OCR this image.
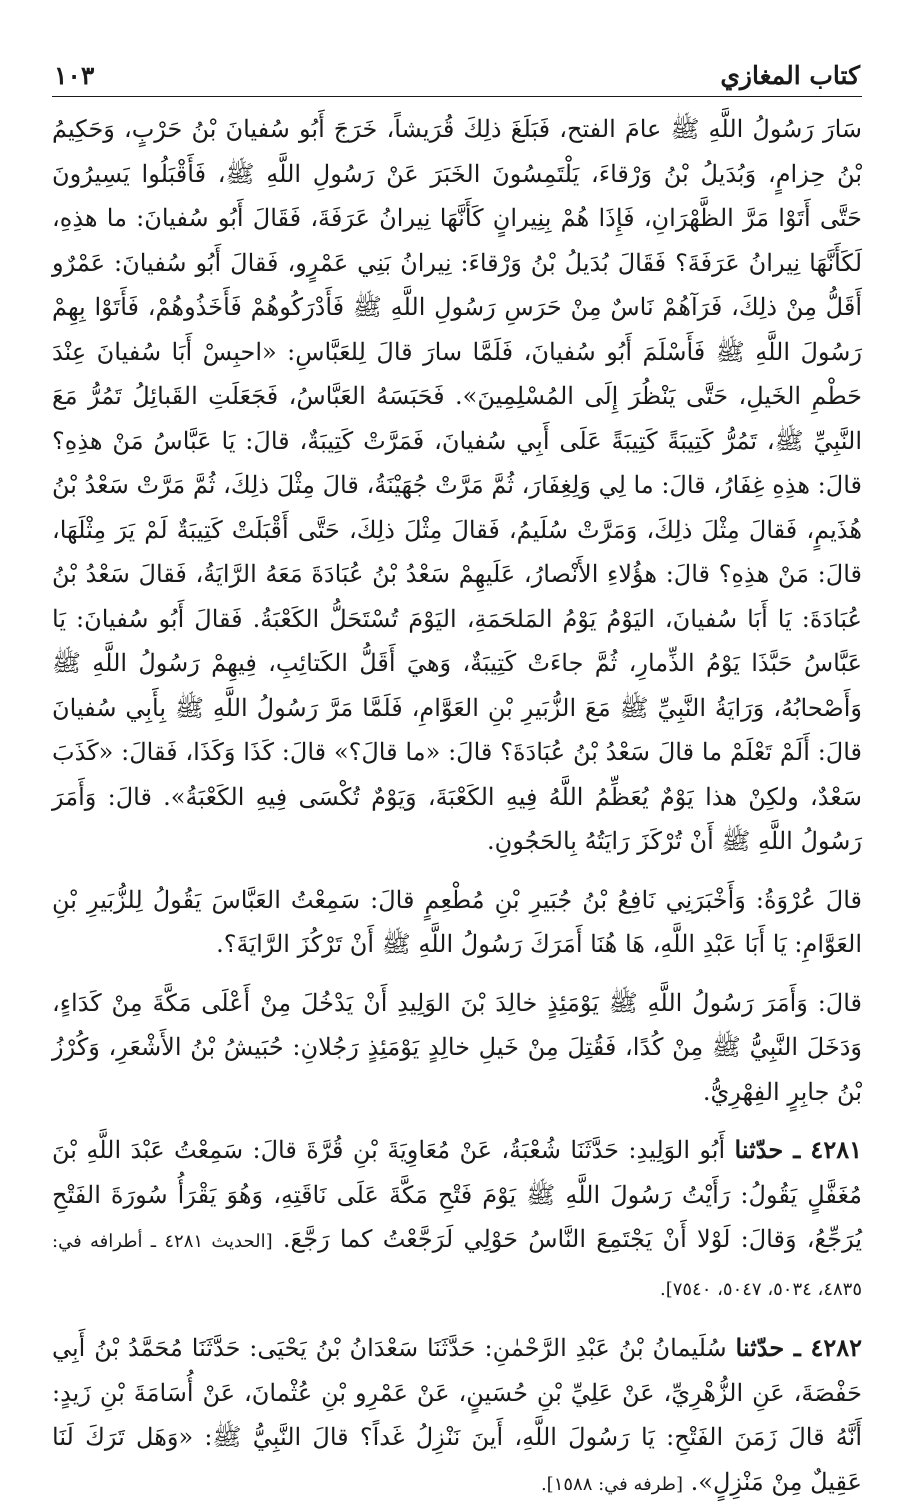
كتاب المغازي
١٠٣

سَارَ رَسُولُ اللَّهِ ﷺ عامَ الفتح، فَبَلَغَ ذلِكَ قُرَيشاً، خَرَجَ أَبُو سُفيانَ بْنُ حَرْبٍ، وَحَكِيمُ بْنُ حِزامٍ، وَبُدَيلُ بْنُ وَرْقاءَ، يَلْتَمِسُونَ الخَبَرَ عَنْ رَسُولِ اللَّهِ ﷺ، فَأَقْبَلُوا يَسِيرُونَ حَتَّى أَتَوْا مَرَّ الظَّهْرَانِ، فَإِذَا هُمْ بِنِيرانٍ كَأَنَّهَا نِيرانُ عَرَفَةَ، فَقَالَ أَبُو سُفيانَ: ما هذِهِ، لَكَأَنَّهَا نِيرانُ عَرَفَةَ؟ فَقَالَ بُدَيلُ بْنُ وَرْقاءَ: نِيرانُ بَنِي عَمْرٍو، فَقالَ أَبُو سُفيانَ: عَمْرٌو أَقَلُّ مِنْ ذلِكَ، فَرَآهُمْ نَاسٌ مِنْ حَرَسِ رَسُولِ اللَّهِ ﷺ فَأَدْرَكُوهُمْ فَأَخَذُوهُمْ، فَأَتَوْا بِهِمْ رَسُولَ اللَّهِ ﷺ فَأَسْلَمَ أَبُو سُفيانَ، فَلَمَّا سارَ قالَ لِلعَبَّاسِ: «احبِسْ أَبَا سُفيانَ عِنْدَ حَطْمِ الخَيلِ، حَتَّى يَنْظُرَ إِلَى المُسْلِمِينَ». فَحَبَسَهُ العَبَّاسُ، فَجَعَلَتِ القَبائِلُ تَمُرُّ مَعَ النَّبِيِّ ﷺ، تَمُرُّ كَتِيبَةً كَتِيبَةً عَلَى أَبِي سُفيانَ، فَمَرَّتْ كَتِيبَةٌ، قالَ: يَا عَبَّاسُ مَنْ هذِهِ؟ قالَ: هذِهِ غِفَارُ، قالَ: ما لِي وَلِغِفَارَ، ثُمَّ مَرَّتْ جُهَيْنَةُ، قالَ مِثْلَ ذلِكَ، ثُمَّ مَرَّتْ سَعْدُ بْنُ هُذَيمٍ، فَقالَ مِثْلَ ذلِكَ، وَمَرَّتْ سُلَيمُ، فَقالَ مِثْلَ ذلِكَ، حَتَّى أَقْبَلَتْ كَتِيبَةٌ لَمْ يَرَ مِثْلَهَا، قالَ: مَنْ هذِهِ؟ قالَ: هؤُلاءِ الأَنْصارُ، عَلَيهِمْ سَعْدُ بْنُ عُبَادَةَ مَعَهُ الرَّايَةُ، فَقالَ سَعْدُ بْنُ عُبَادَةَ: يَا أَبَا سُفيانَ، اليَوْمُ يَوْمُ المَلحَمَةِ، اليَوْمَ تُسْتَحَلُّ الكَعْبَةُ. فَقالَ أَبُو سُفيانَ: يَا عَبَّاسُ حَبَّذَا يَوْمُ الذِّمارِ، ثُمَّ جاءَتْ كَتِيبَةٌ، وَهيَ أَقَلُّ الكَتائِبِ، فِيهِمْ رَسُولُ اللَّهِ ﷺ وَأَصْحابُهُ، وَرَايَةُ النَّبِيِّ ﷺ مَعَ الزُّبَيرِ بْنِ العَوَّامِ، فَلَمَّا مَرَّ رَسُولُ اللَّهِ ﷺ بِأَبِي سُفيانَ قالَ: أَلَمْ تَعْلَمْ ما قالَ سَعْدُ بْنُ عُبَادَةَ؟ قالَ: «ما قالَ؟» قالَ: كَذَا وَكَذَا، فَقالَ: «كَذَبَ سَعْدٌ، ولكِنْ هذا يَوْمٌ يُعَظِّمُ اللَّهُ فِيهِ الكَعْبَةَ، وَيَوْمٌ تُكْسَى فِيهِ الكَعْبَةُ». قالَ: وَأَمَرَ رَسُولُ اللَّهِ ﷺ أَنْ تُرْكَزَ رَايَتُهُ بِالحَجُونِ.

قالَ عُرْوَةُ: وَأَخْبَرَنِي نَافِعُ بْنُ جُبَيرِ بْنِ مُطْعِمٍ قالَ: سَمِعْتُ العَبَّاسَ يَقُولُ لِلزُّبَيرِ بْنِ العَوَّامِ: يَا أَبَا عَبْدِ اللَّهِ، هَا هُنَا أَمَرَكَ رَسُولُ اللَّهِ ﷺ أَنْ تَرْكُزَ الرَّايَةَ؟.

قالَ: وَأَمَرَ رَسُولُ اللَّهِ ﷺ يَوْمَئِذٍ خالِدَ بْنَ الوَلِيدِ أَنْ يَدْخُلَ مِنْ أَعْلَى مَكَّةَ مِنْ كَدَاءٍ، وَدَخَلَ النَّبِيُّ ﷺ مِنْ كُدًا، فَقُتِلَ مِنْ خَيلِ خالِدٍ يَوْمَئِذٍ رَجُلانِ: حُبَيشُ بْنُ الأَشْعَرِ، وَكُرْزُ بْنُ جابِرٍ الفِهْرِيُّ.

٤٢٨١ ـ حدّثنا أَبُو الوَلِيدِ: حَدَّثَنَا شُعْبَةُ، عَنْ مُعَاوِيَةَ بْنِ قُرَّةَ قالَ: سَمِعْتُ عَبْدَ اللَّهِ بْنَ مُغَفَّلٍ يَقُولُ: رَأَيْتُ رَسُولَ اللَّهِ ﷺ يَوْمَ فَتْحِ مَكَّةَ عَلَى نَاقَتِهِ، وَهُوَ يَقْرَأُ سُورَةَ الفَتْحِ يُرَجِّعُ، وَقالَ: لَوْلا أَنْ يَجْتَمِعَ النَّاسُ حَوْلِي لَرَجَّعْتُ كما رَجَّعَ. [الحديث ٤٢٨١ ـ أطرافه في: ٤٨٣٥، ٥٠٣٤، ٥٠٤٧، ٧٥٤٠].

٤٢٨٢ ـ حدّثنا سُلَيمانُ بْنُ عَبْدِ الرَّحْمٰنِ: حَدَّثَنَا سَعْدَانُ بْنُ يَحْيَى: حَدَّثَنَا مُحَمَّدُ بْنُ أَبِي حَفْصَةَ، عَنِ الزُّهْرِيِّ، عَنْ عَلِيِّ بْنِ حُسَينٍ، عَنْ عَمْرِو بْنِ عُثْمانَ، عَنْ أُسَامَةَ بْنِ زَيدٍ: أَنَّهُ قالَ زَمَنَ الفَتْحِ: يَا رَسُولَ اللَّهِ، أَينَ نَنْزِلُ غَداً؟ قالَ النَّبِيُّ ﷺ: «وَهَل تَرَكَ لَنَا عَقِيلٌ مِنْ مَنْزِلٍ». [طرفه في: ١٥٨٨].
